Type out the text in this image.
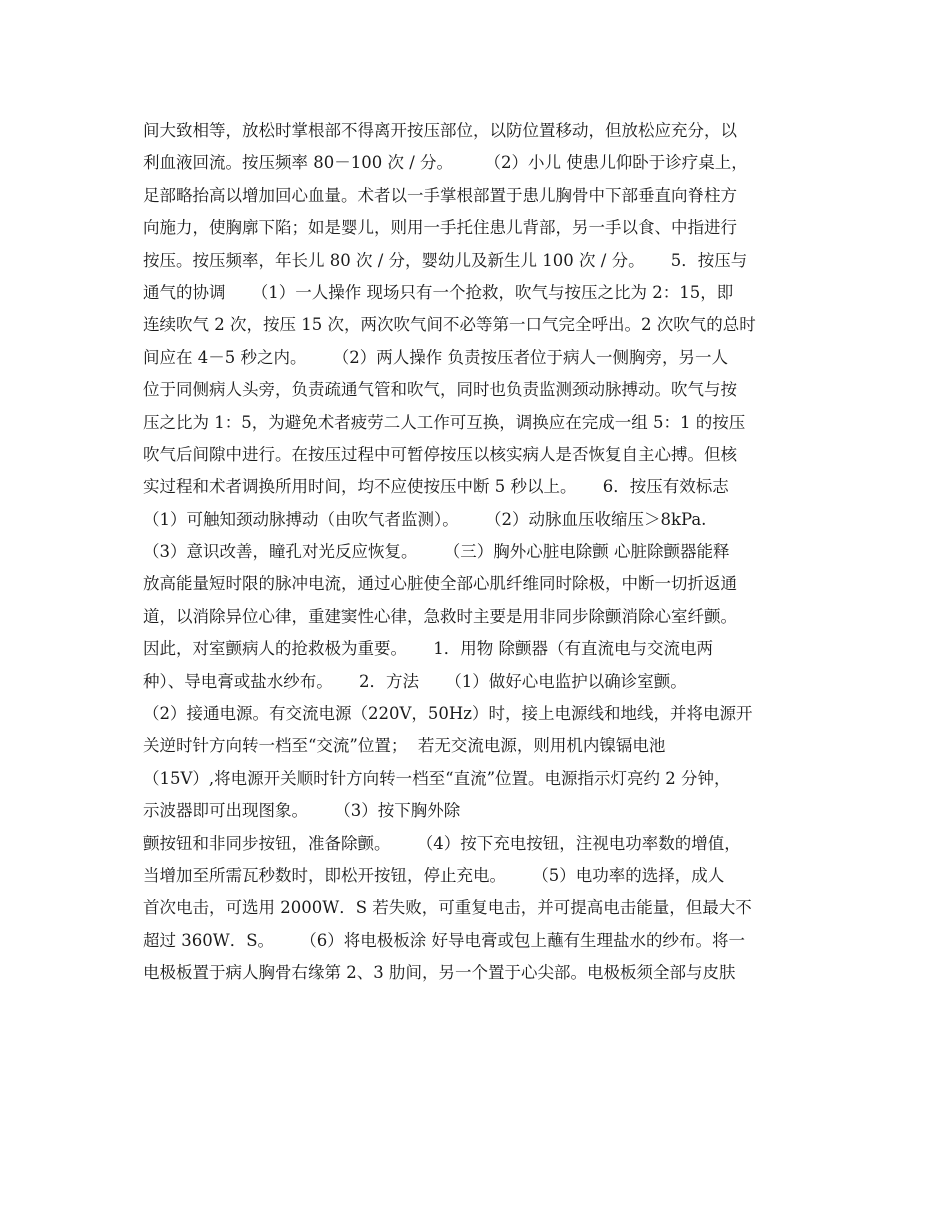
间大致相等，放松时掌根部不得离开按压部位，以防位置移动，但放松应充分，以
利血液回流。按压频率 80－100 次 / 分。      （2）小儿 使患儿仰卧于诊疗桌上，
足部略抬高以增加回心血量。术者以一手掌根部置于患儿胸骨中下部垂直向脊柱方
向施力，使胸廓下陷；如是婴儿，则用一手托住患儿背部，另一手以食、中指进行
按压。按压频率，年长儿 80 次 / 分，婴幼儿及新生儿 100 次 / 分。     5．按压与
通气的协调     （1）一人操作 现场只有一个抢救，吹气与按压之比为 2：15，即
连续吹气 2 次，按压 15 次，两次吹气间不必等第一口气完全呼出。2 次吹气的总时
间应在 4－5 秒之内。     （2）两人操作 负责按压者位于病人一侧胸旁，另一人
位于同侧病人头旁，负责疏通气管和吹气，同时也负责监测颈动脉搏动。吹气与按
压之比为 1：5，为避免术者疲劳二人工作可互换，调换应在完成一组 5：1 的按压
吹气后间隙中进行。在按压过程中可暂停按压以核实病人是否恢复自主心搏。但核
实过程和术者调换所用时间，均不应使按压中断 5 秒以上。     6．按压有效标志
（1）可触知颈动脉搏动（由吹气者监测）。     （2）动脉血压收缩压＞8kPa.
（3）意识改善，瞳孔对光反应恢复。     （三）胸外心脏电除颤 心脏除颤器能释
放高能量短时限的脉冲电流，通过心脏使全部心肌纤维同时除极，中断一切折返通
道，以消除异位心律，重建窦性心律，急救时主要是用非同步除颤消除心室纤颤。
因此，对室颤病人的抢救极为重要。     1．用物 除颤器（有直流电与交流电两
种）、导电膏或盐水纱布。     2．方法     （1）做好心电监护以确诊室颤。
（2）接通电源。有交流电源（220V，50Hz）时，接上电源线和地线，并将电源开
关逆时针方向转一档至“交流”位置；  若无交流电源，则用机内镍镉电池
（15V）,将电源开关顺时针方向转一档至“直流”位置。电源指示灯亮约 2 分钟，
示波器即可出现图象。     （3）按下胸外除
颤按钮和非同步按钮，准备除颤。     （4）按下充电按钮，注视电功率数的增值，
当增加至所需瓦秒数时，即松开按钮，停止充电。     （5）电功率的选择，成人
首次电击，可选用 2000W．S 若失败，可重复电击，并可提高电击能量，但最大不
超过 360W．S。     （6）将电极板涂 好导电膏或包上蘸有生理盐水的纱布。将一
电极板置于病人胸骨右缘第 2、3 肋间，另一个置于心尖部。电极板须全部与皮肤
